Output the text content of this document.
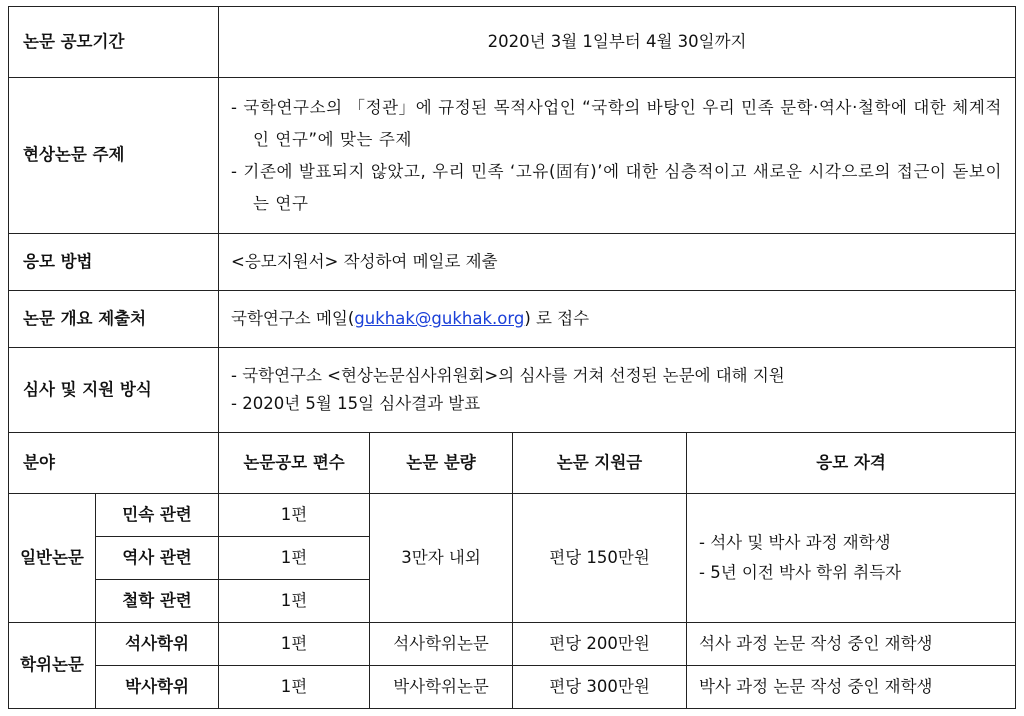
논문 공모기간		2020년 3월 1일부터 4월 30일까지			
현상논문 주제		- 국학연구소의 「정관」에 규정된 목적사업인 “국학의 바탕인 우리 민족 문학·역사·철학에 대한 체계적인 연구”에 맞는 주제
- 기존에 발표되지 않았고, 우리 민족 ‘고유(固有)’에 대한 심층적이고 새로운 시각으로의 접근이 돋보이는 연구			

응모 방법		<응모지원서> 작성하여 메일로 제출			
논문 개요 제출처		국학연구소 메일(gukhak@gukhak.org) 로 접수			
심사 및 지원 방식		- 국학연구소 <현상논문심사위원회>의 심사를 거쳐 선정된 논문에 대해 지원
- 2020년 5월 15일 심사결과 발표			

분야		논문공모 편수	논문 분량	논문 지원금	응모 자격
일반논문	민속 관련	1편	3만자 내외	편당 150만원	- 석사 및 박사 과정 재학생
- 5년 이전 박사 학위 취득자

	역사 관련	1편			
	철학 관련	1편			
학위논문	석사학위	1편	석사학위논문	편당 200만원	석사 과정 논문 작성 중인 재학생
	박사학위	1편	박사학위논문	편당 300만원	박사 과정 논문 작성 중인 재학생
